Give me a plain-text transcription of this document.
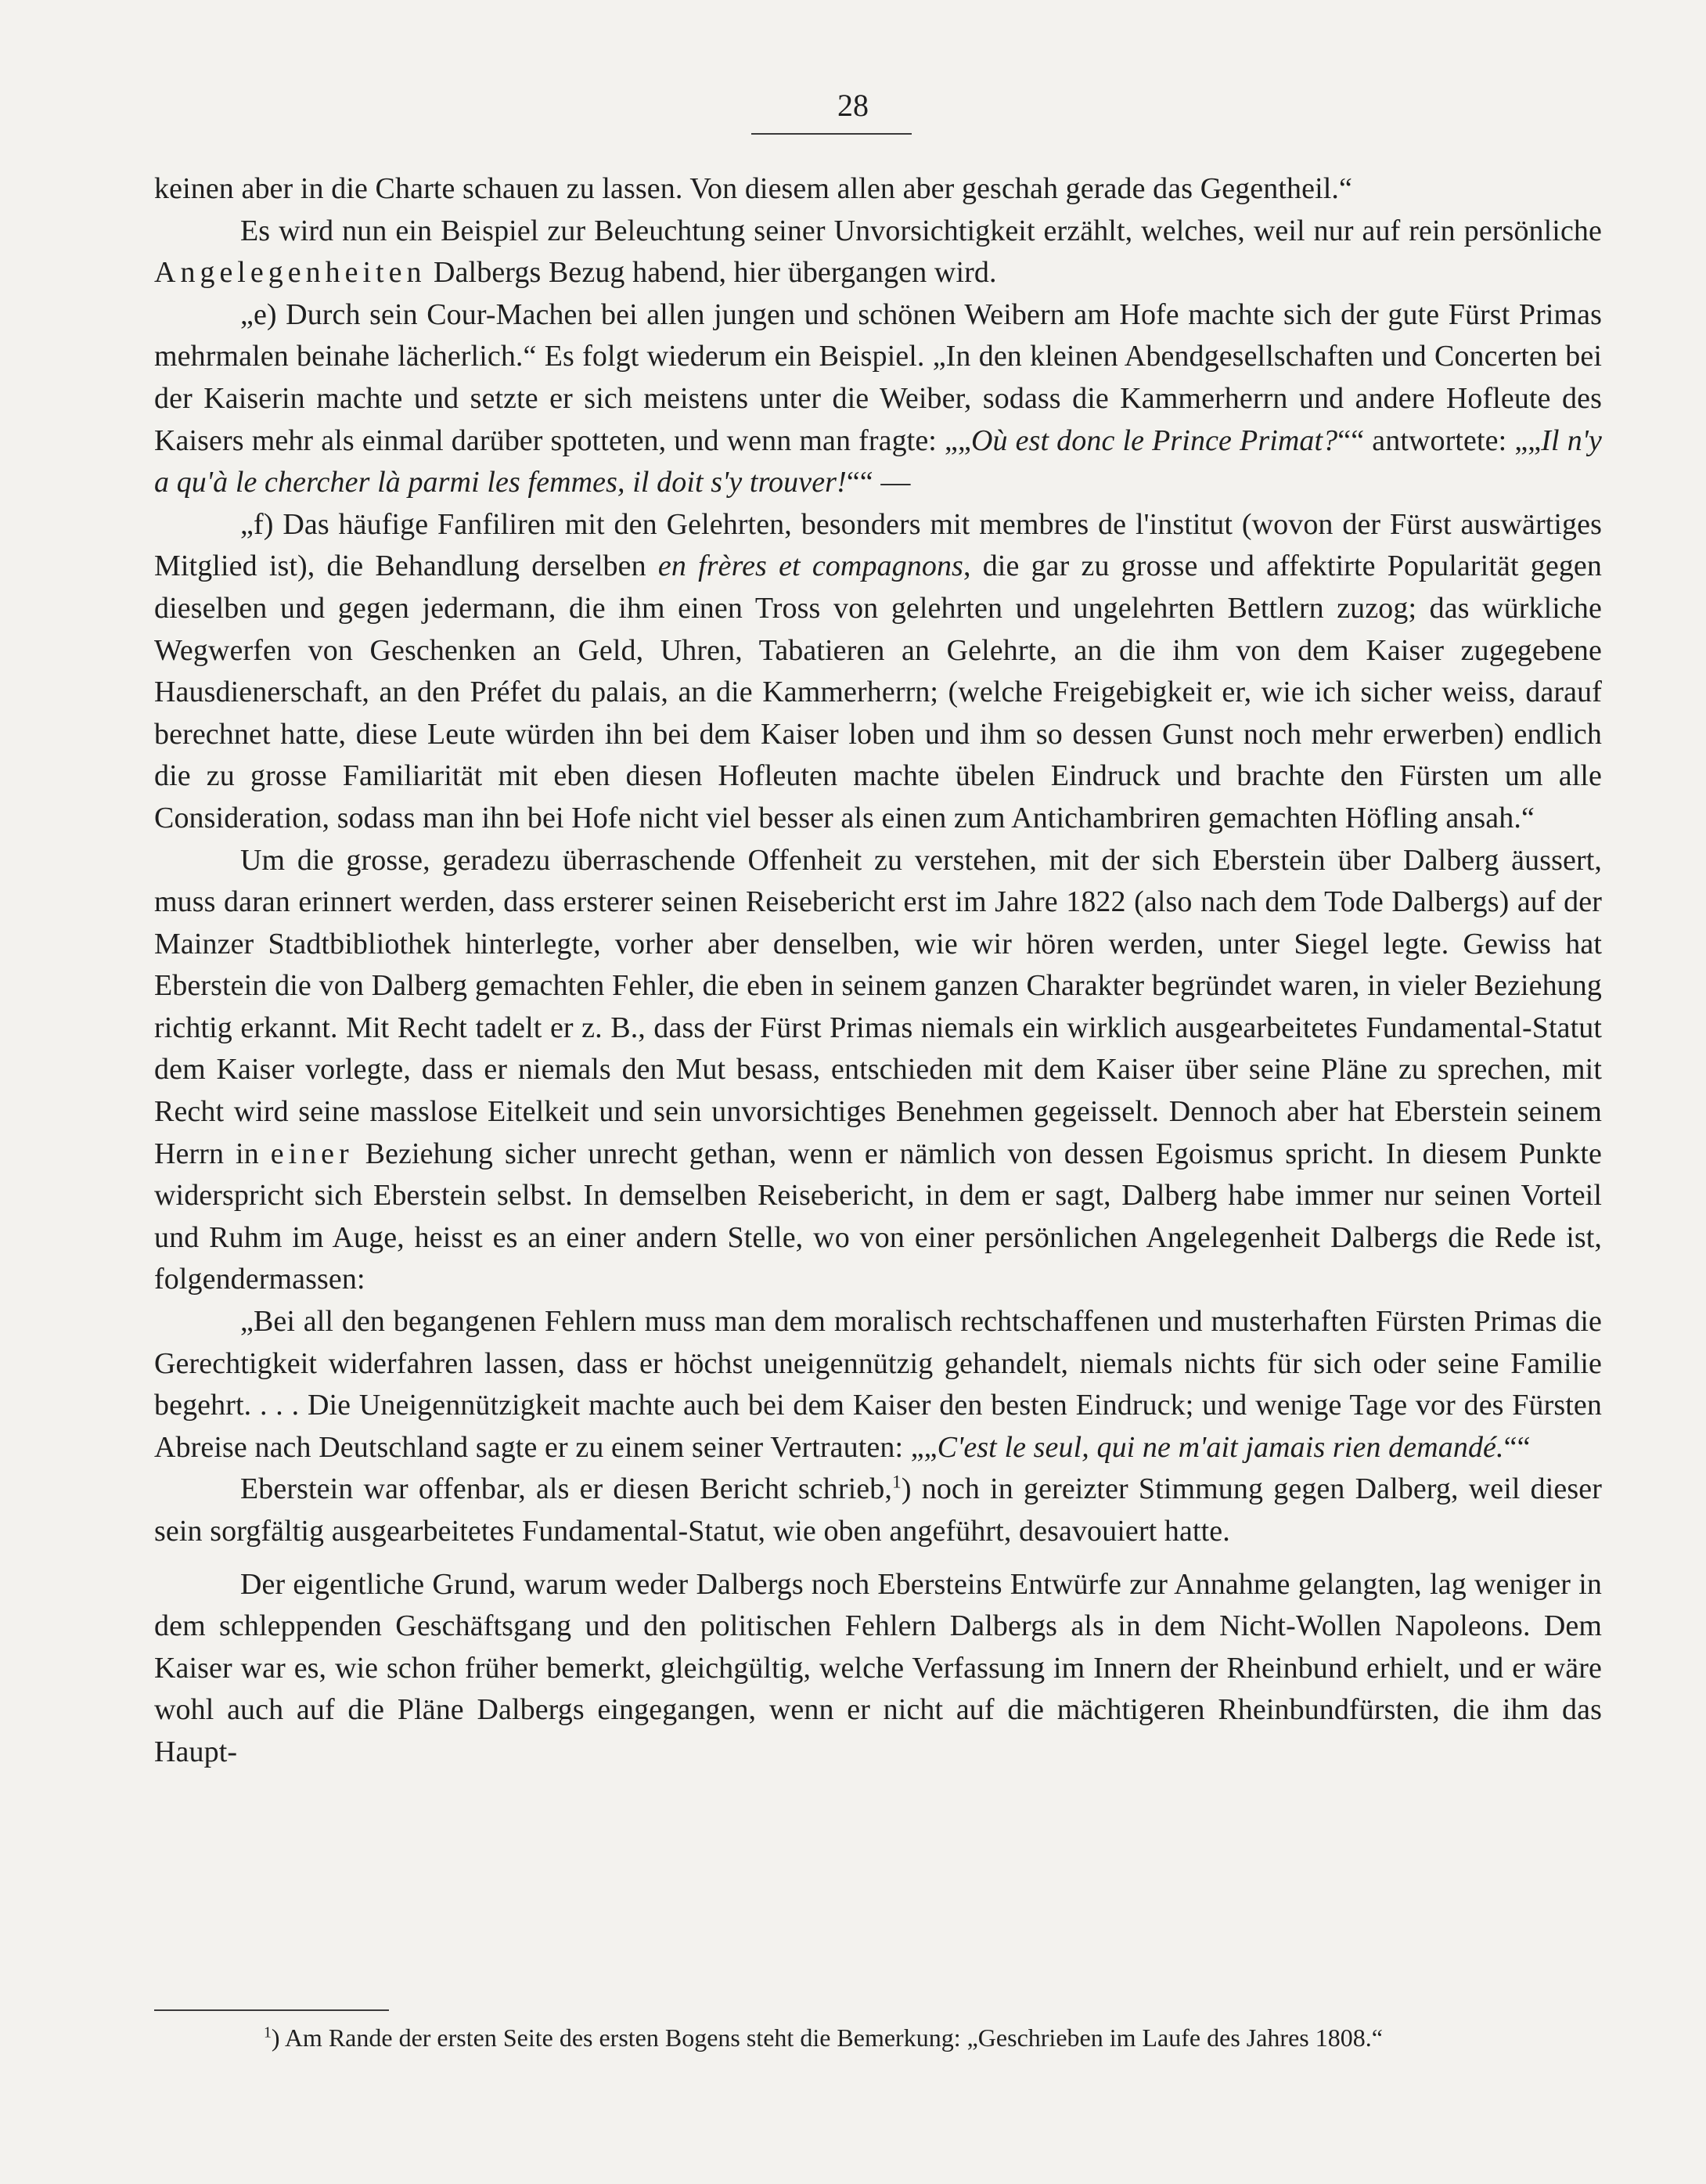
28

keinen aber in die Charte schauen zu lassen. Von diesem allen aber geschah gerade das Gegentheil.“

Es wird nun ein Beispiel zur Beleuchtung seiner Unvorsichtigkeit erzählt, welches, weil nur auf rein persönliche Angelegenheiten Dalbergs Bezug habend, hier übergangen wird.

„e) Durch sein Cour-Machen bei allen jungen und schönen Weibern am Hofe machte sich der gute Fürst Primas mehrmalen beinahe lächerlich.“ Es folgt wiederum ein Beispiel. „In den kleinen Abendgesellschaften und Concerten bei der Kaiserin machte und setzte er sich meistens unter die Weiber, sodass die Kammerherrn und andere Hofleute des Kaisers mehr als einmal darüber spotteten, und wenn man fragte: „„Où est donc le Prince Primat?““ antwortete: „„Il n'y a qu'à le chercher là parmi les femmes, il doit s'y trouver!““ —

„f) Das häufige Fanfiliren mit den Gelehrten, besonders mit membres de l'institut (wovon der Fürst auswärtiges Mitglied ist), die Behandlung derselben en frères et compagnons, die gar zu grosse und affektirte Popularität gegen dieselben und gegen jedermann, die ihm einen Tross von gelehrten und ungelehrten Bettlern zuzog; das würkliche Wegwerfen von Geschenken an Geld, Uhren, Tabatieren an Gelehrte, an die ihm von dem Kaiser zugegebene Hausdienerschaft, an den Préfet du palais, an die Kammerherrn; (welche Freigebigkeit er, wie ich sicher weiss, darauf berechnet hatte, diese Leute würden ihn bei dem Kaiser loben und ihm so dessen Gunst noch mehr erwerben) endlich die zu grosse Familiarität mit eben diesen Hofleuten machte übelen Eindruck und brachte den Fürsten um alle Consideration, sodass man ihn bei Hofe nicht viel besser als einen zum Antichambriren gemachten Höfling ansah.“

Um die grosse, geradezu überraschende Offenheit zu verstehen, mit der sich Eberstein über Dalberg äussert, muss daran erinnert werden, dass ersterer seinen Reisebericht erst im Jahre 1822 (also nach dem Tode Dalbergs) auf der Mainzer Stadtbibliothek hinterlegte, vorher aber denselben, wie wir hören werden, unter Siegel legte. Gewiss hat Eberstein die von Dalberg gemachten Fehler, die eben in seinem ganzen Charakter begründet waren, in vieler Beziehung richtig erkannt. Mit Recht tadelt er z. B., dass der Fürst Primas niemals ein wirklich ausgearbeitetes Fundamental-Statut dem Kaiser vorlegte, dass er niemals den Mut besass, entschieden mit dem Kaiser über seine Pläne zu sprechen, mit Recht wird seine masslose Eitelkeit und sein unvorsichtiges Benehmen gegeisselt. Dennoch aber hat Eberstein seinem Herrn in einer Beziehung sicher unrecht gethan, wenn er nämlich von dessen Egoismus spricht. In diesem Punkte widerspricht sich Eberstein selbst. In demselben Reisebericht, in dem er sagt, Dalberg habe immer nur seinen Vorteil und Ruhm im Auge, heisst es an einer andern Stelle, wo von einer persönlichen Angelegenheit Dalbergs die Rede ist, folgendermassen:

„Bei all den begangenen Fehlern muss man dem moralisch rechtschaffenen und musterhaften Fürsten Primas die Gerechtigkeit widerfahren lassen, dass er höchst uneigennützig gehandelt, niemals nichts für sich oder seine Familie begehrt. . . . Die Uneigennützigkeit machte auch bei dem Kaiser den besten Eindruck; und wenige Tage vor des Fürsten Abreise nach Deutschland sagte er zu einem seiner Vertrauten: „„C'est le seul, qui ne m'ait jamais rien demandé.““

Eberstein war offenbar, als er diesen Bericht schrieb,$^1$) noch in gereizter Stimmung gegen Dalberg, weil dieser sein sorgfältig ausgearbeitetes Fundamental-Statut, wie oben angeführt, desavouiert hatte.

Der eigentliche Grund, warum weder Dalbergs noch Ebersteins Entwürfe zur Annahme gelangten, lag weniger in dem schleppenden Geschäftsgang und den politischen Fehlern Dalbergs als in dem Nicht-Wollen Napoleons. Dem Kaiser war es, wie schon früher bemerkt, gleichgültig, welche Verfassung im Innern der Rheinbund erhielt, und er wäre wohl auch auf die Pläne Dalbergs eingegangen, wenn er nicht auf die mächtigeren Rheinbundfürsten, die ihm das Haupt-

$^1$) Am Rande der ersten Seite des ersten Bogens steht die Bemerkung: „Geschrieben im Laufe des Jahres 1808.“
